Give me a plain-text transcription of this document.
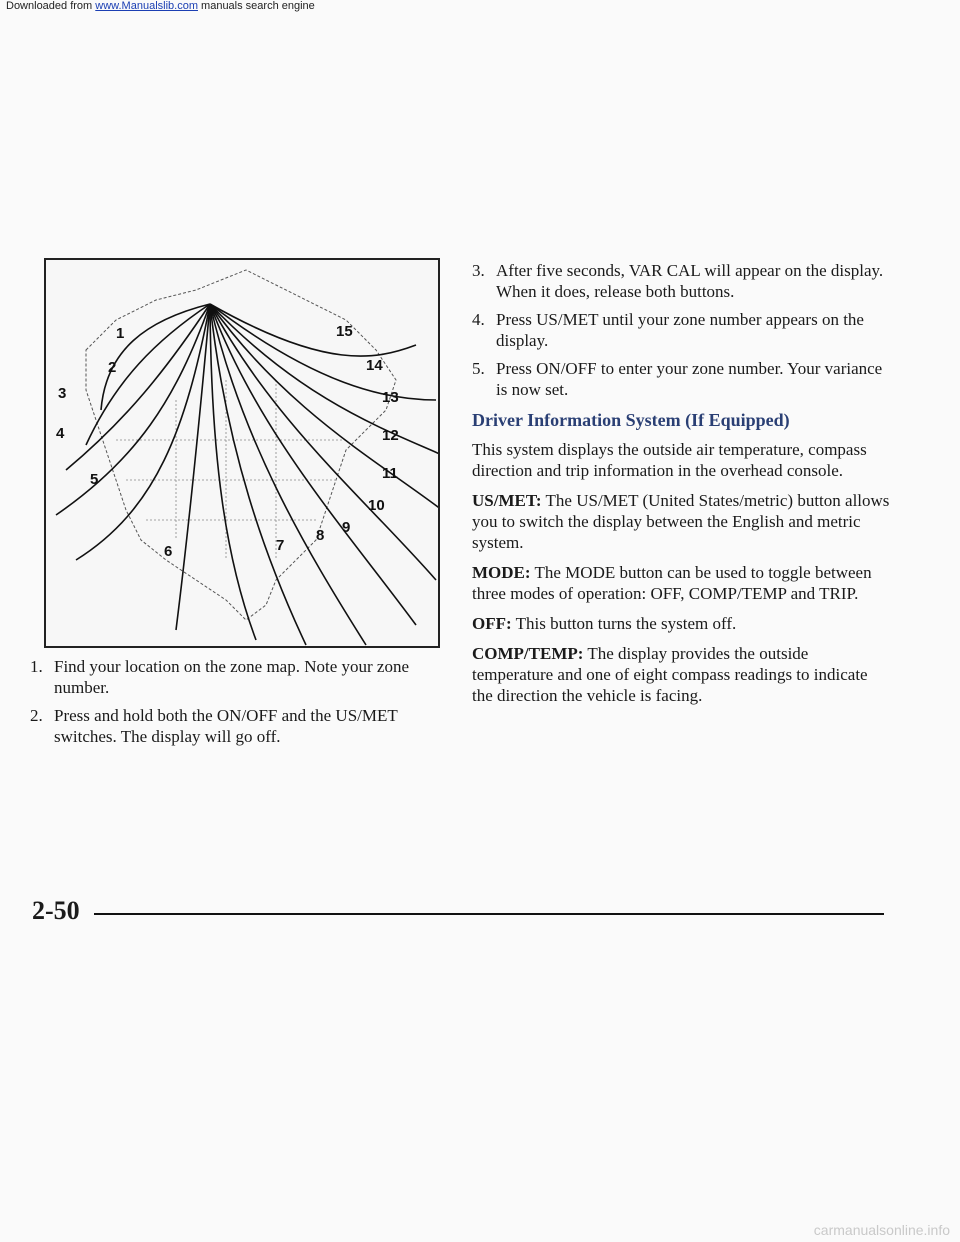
Downloaded from www.Manualslib.com manuals search engine
1
2
3
4
5
6	7
8 9
10
11
12
13
14
15
1. Find your location on the zone map. Note your zone number.
2. Press and hold both the ON/OFF and the US/MET switches. The display will go off.
3. After five seconds, VAR CAL will appear on the display. When it does, release both buttons.
4. Press US/MET until your zone number appears on the display.
5. Press ON/OFF to enter your zone number. Your variance is now set.
Driver Information System (If Equipped)
This system displays the outside air temperature, compass direction and trip information in the overhead console.
US/MET: The US/MET (United States/metric) button allows you to switch the display between the English and metric system.
MODE: The MODE button can be used to toggle between three modes of operation: OFF, COMP/TEMP and TRIP.
OFF: This button turns the system off.
COMP/TEMP: The display provides the outside temperature and one of eight compass readings to indicate the direction the vehicle is facing.
2-50
carmanualsonline.info
